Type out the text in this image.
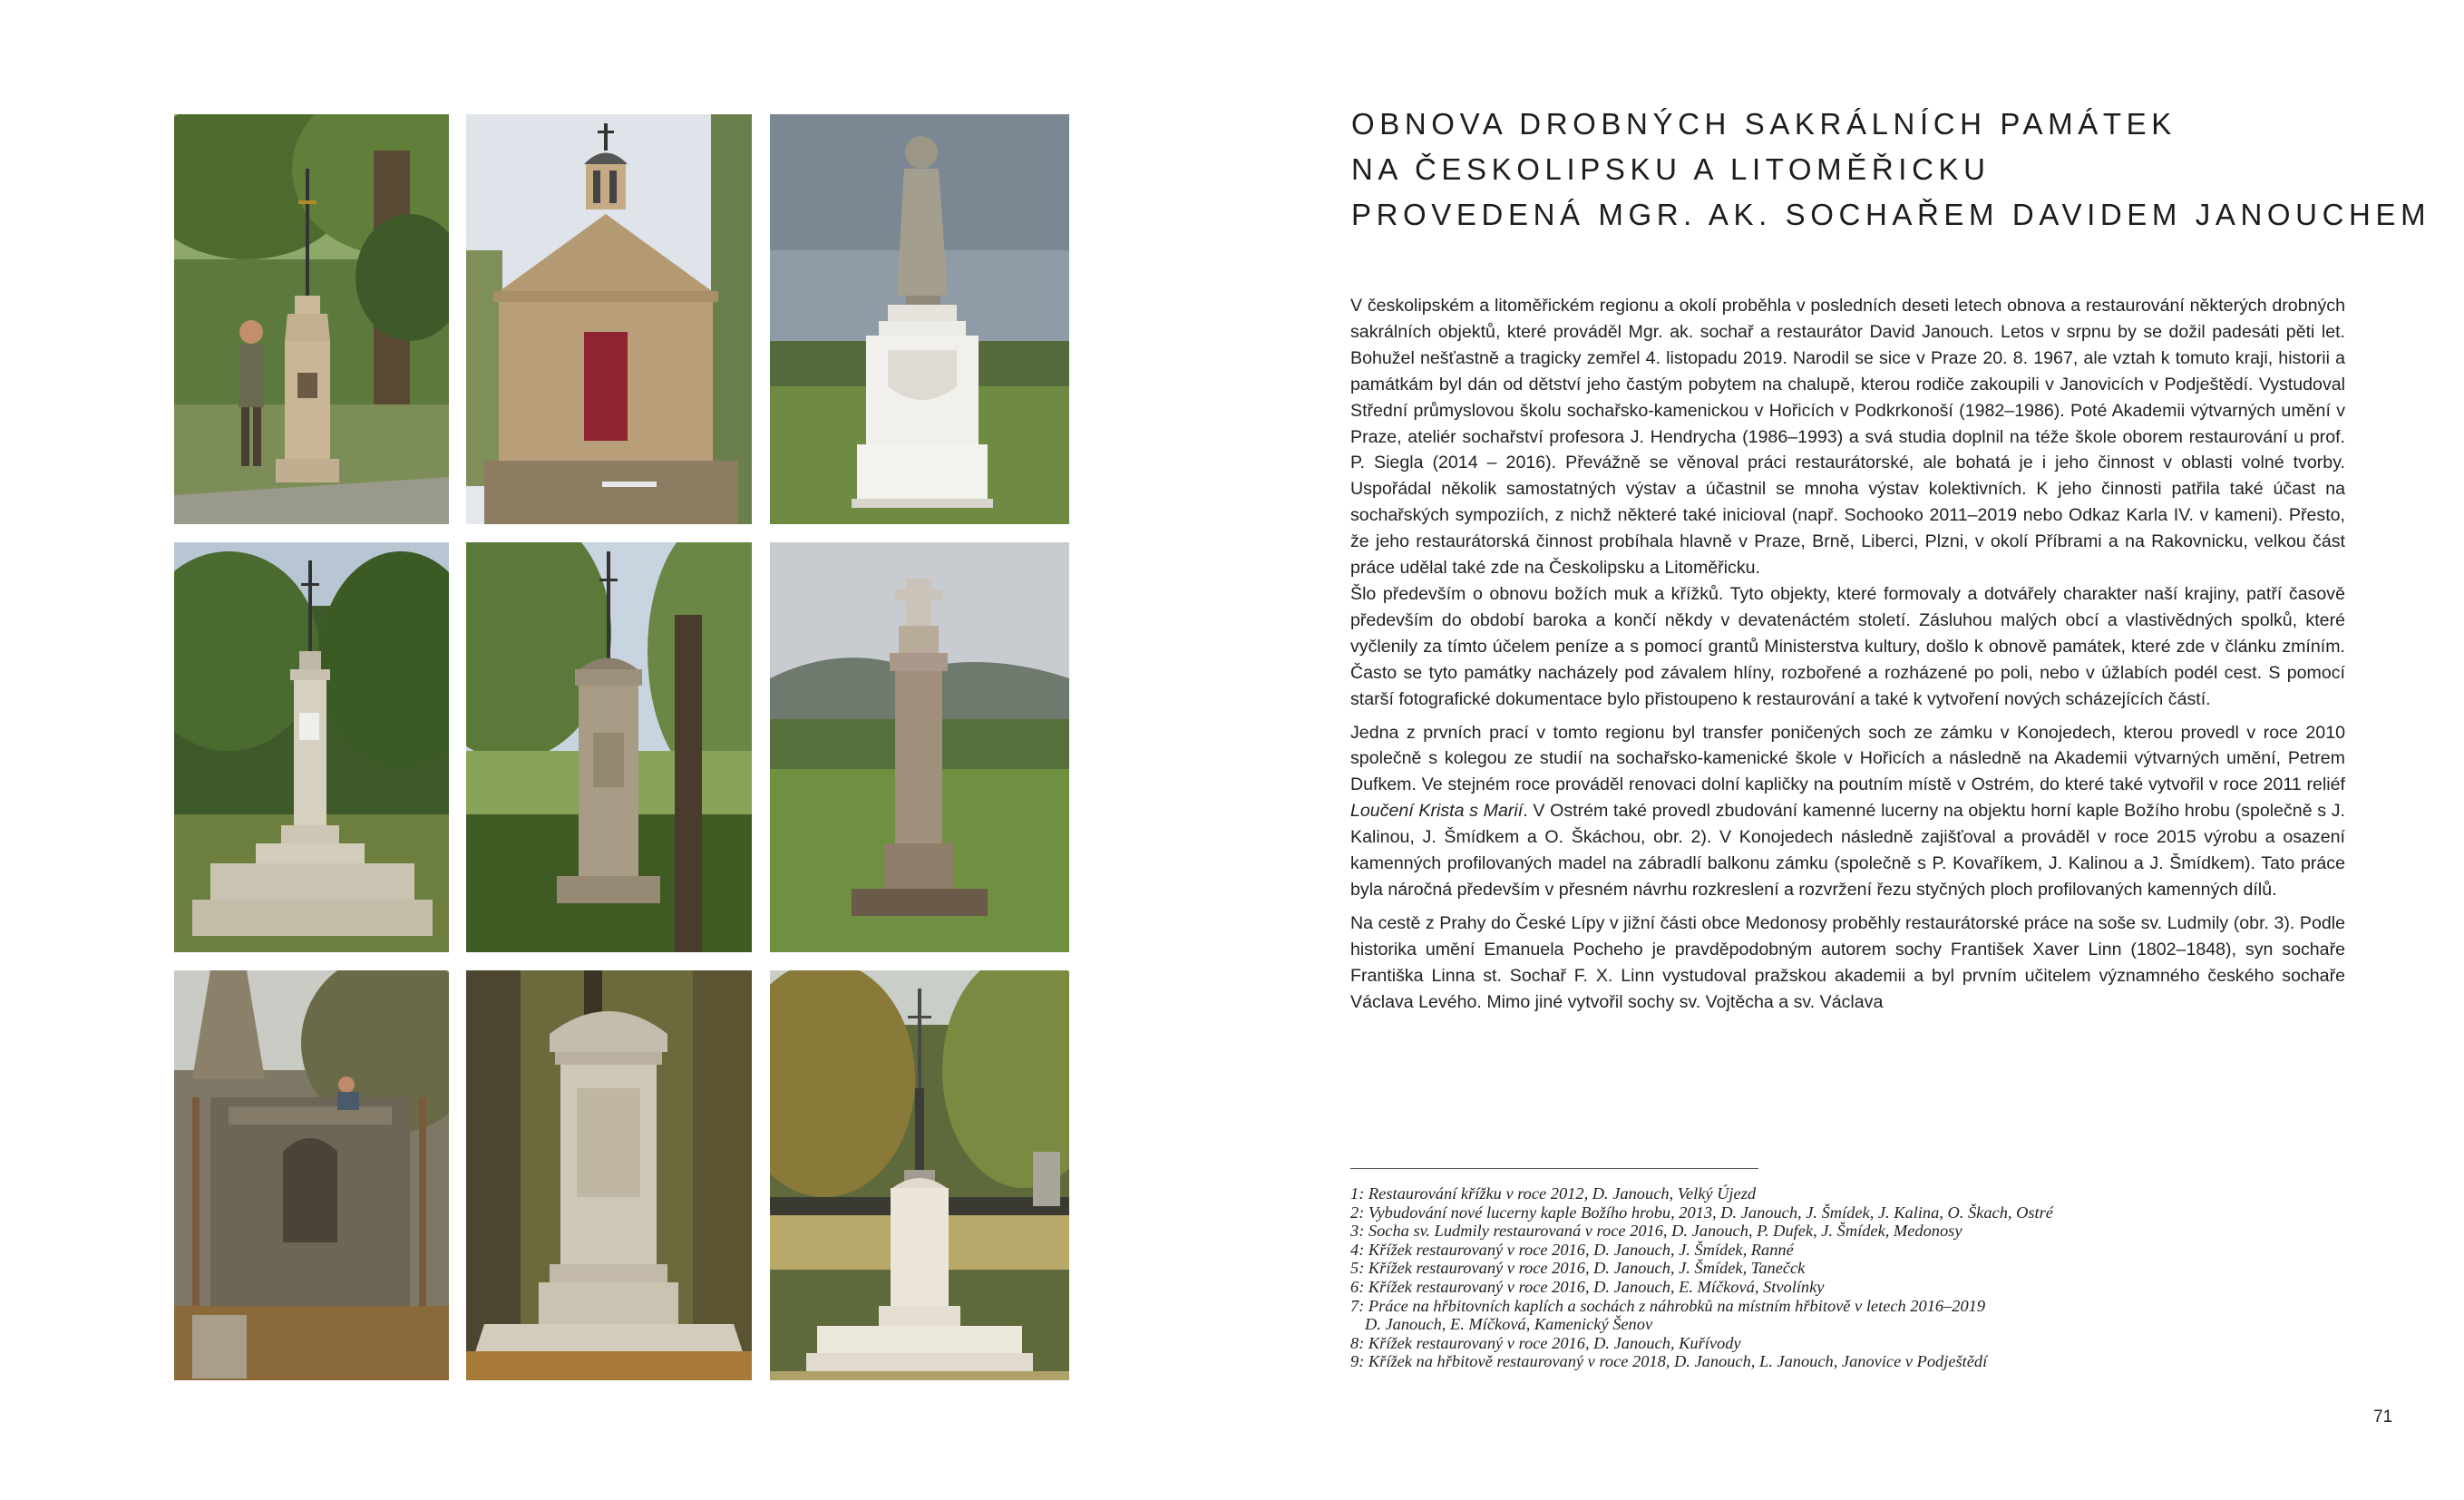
OBNOVA DROBNÝCH SAKRÁLNÍCH PAMÁTEK
NA ČESKOLIPSKU A LITOMĚŘICKU
PROVEDENÁ MGR. AK. SOCHAŘEM DAVIDEM JANOUCHEM

V českolipském a litoměřickém regionu a okolí proběhla v posledních deseti letech obnova a restaurování některých drobných sakrálních objektů, které prováděl Mgr. ak. sochař a restaurátor David Janouch. Letos v srpnu by se dožil padesáti pěti let. Bohužel nešťastně a tragicky zemřel 4. listopadu 2019. Narodil se sice v Praze 20. 8. 1967, ale vztah k tomuto kraji, historii a památkám byl dán od dětství jeho častým pobytem na chalupě, kterou rodiče zakoupili v Janovicích v Podještědí. Vystudoval Střední průmyslovou školu sochařsko-kamenickou v Hořicích v Podkrkonoší (1982–1986). Poté Akademii výtvarných umění v Praze, ateliér sochařství profesora J. Hendrycha (1986–1993) a svá studia doplnil na téže škole oborem restaurování u prof. P. Siegla (2014 – 2016). Převážně se věnoval práci restaurátorské, ale bohatá je i jeho činnost v oblasti volné tvorby. Uspořádal několik samostatných výstav a účastnil se mnoha výstav kolektivních. K jeho činnosti patřila také účast na sochařských sympoziích, z nichž některé také inicioval (např. Sochooko 2011–2019 nebo Odkaz Karla IV. v kameni). Přesto, že jeho restaurátorská činnost probíhala hlavně v Praze, Brně, Liberci, Plzni, v okolí Příbrami a na Rakovnicku, velkou část práce udělal také zde na Českolipsku a Litoměřicku.

Šlo především o obnovu božích muk a křížků. Tyto objekty, které formovaly a dotvářely charakter naší krajiny, patří časově především do období baroka a končí někdy v devatenáctém století. Zásluhou malých obcí a vlastivědných spolků, které vyčlenily za tímto účelem peníze a s pomocí grantů Ministerstva kultury, došlo k obnově památek, které zde v článku zmíním. Často se tyto památky nacházely pod závalem hlíny, rozbořené a rozházené po poli, nebo v úžlabích podél cest. S pomocí starší fotografické dokumentace bylo přistoupeno k restaurování a také k vytvoření nových scházejících částí.

Jedna z prvních prací v tomto regionu byl transfer poničených soch ze zámku v Konojedech, kterou provedl v roce 2010 společně s kolegou ze studií na sochařsko-kamenické škole v Hořicích a následně na Akademii výtvarných umění, Petrem Dufkem. Ve stejném roce prováděl renovaci dolní kapličky na poutním místě v Ostrém, do které také vytvořil v roce 2011 reliéf Loučení Krista s Marií. V Ostrém také provedl zbudování kamenné lucerny na objektu horní kaple Božího hrobu (společně s J. Kalinou, J. Šmídkem a O. Škáchou, obr. 2). V Konojedech následně zajišťoval a prováděl v roce 2015 výrobu a osazení kamenných profilovaných madel na zábradlí balkonu zámku (společně s P. Kovaříkem, J. Kalinou a J. Šmídkem). Tato práce byla náročná především v přesném návrhu rozkreslení a rozvržení řezu styčných ploch profilovaných kamenných dílů.

Na cestě z Prahy do České Lípy v jižní části obce Medonosy proběhly restaurátorské práce na soše sv. Ludmily (obr. 3). Podle historika umění Emanuela Pocheho je pravděpodobným autorem sochy František Xaver Linn (1802–1848), syn sochaře Františka Linna st. Sochař F. X. Linn vystudoval pražskou akademii a byl prvním učitelem významného českého sochaře Václava Levého. Mimo jiné vytvořil sochy sv. Vojtěcha a sv. Václava

1: Restaurování křížku v roce 2012, D. Janouch, Velký Újezd
2: Vybudování nové lucerny kaple Božího hrobu, 2013, D. Janouch, J. Šmídek, J. Kalina, O. Škach, Ostré
3: Socha sv. Ludmily restaurovaná v roce 2016, D. Janouch, P. Dufek, J. Šmídek, Medonosy
4: Křížek restaurovaný v roce 2016, D. Janouch, J. Šmídek, Ranné
5: Křížek restaurovaný v roce 2016, D. Janouch, J. Šmídek, Tanečck
6: Křížek restaurovaný v roce 2016, D. Janouch, E. Míčková, Stvolínky
7: Práce na hřbitovních kaplích a sochách z náhrobků na místním hřbitově v letech 2016–2019
D. Janouch, E. Míčková, Kamenický Šenov
8: Křížek restaurovaný v roce 2016, D. Janouch, Kuřívody
9: Křížek na hřbitově restaurovaný v roce 2018, D. Janouch, L. Janouch, Janovice v Podještědí
71
